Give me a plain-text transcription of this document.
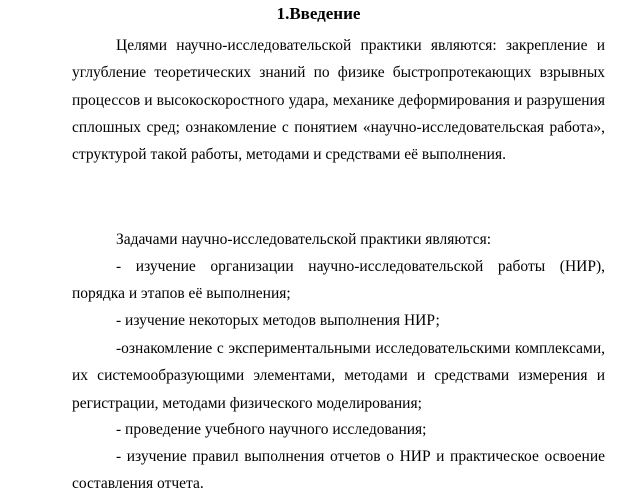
1.Введение

Целями научно-исследовательской практики являются: закрепление и углубление теоретических знаний по физике быстропротекающих взрывных процессов и высокоскоростного удара, механике деформирования и разрушения сплошных сред; ознакомление с понятием «научно-исследовательская работа», структурой такой работы, методами и средствами её выполнения.

Задачами научно-исследовательской практики являются:

- изучение организации научно-исследовательской работы (НИР), порядка и этапов её выполнения;

- изучение некоторых методов выполнения НИР;

-ознакомление с экспериментальными исследовательскими комплексами, их системообразующими элементами, методами и средствами измерения и регистрации, методами физического моделирования;

- проведение учебного научного исследования;

- изучение правил выполнения отчетов о НИР и практическое освоение составления отчета.
